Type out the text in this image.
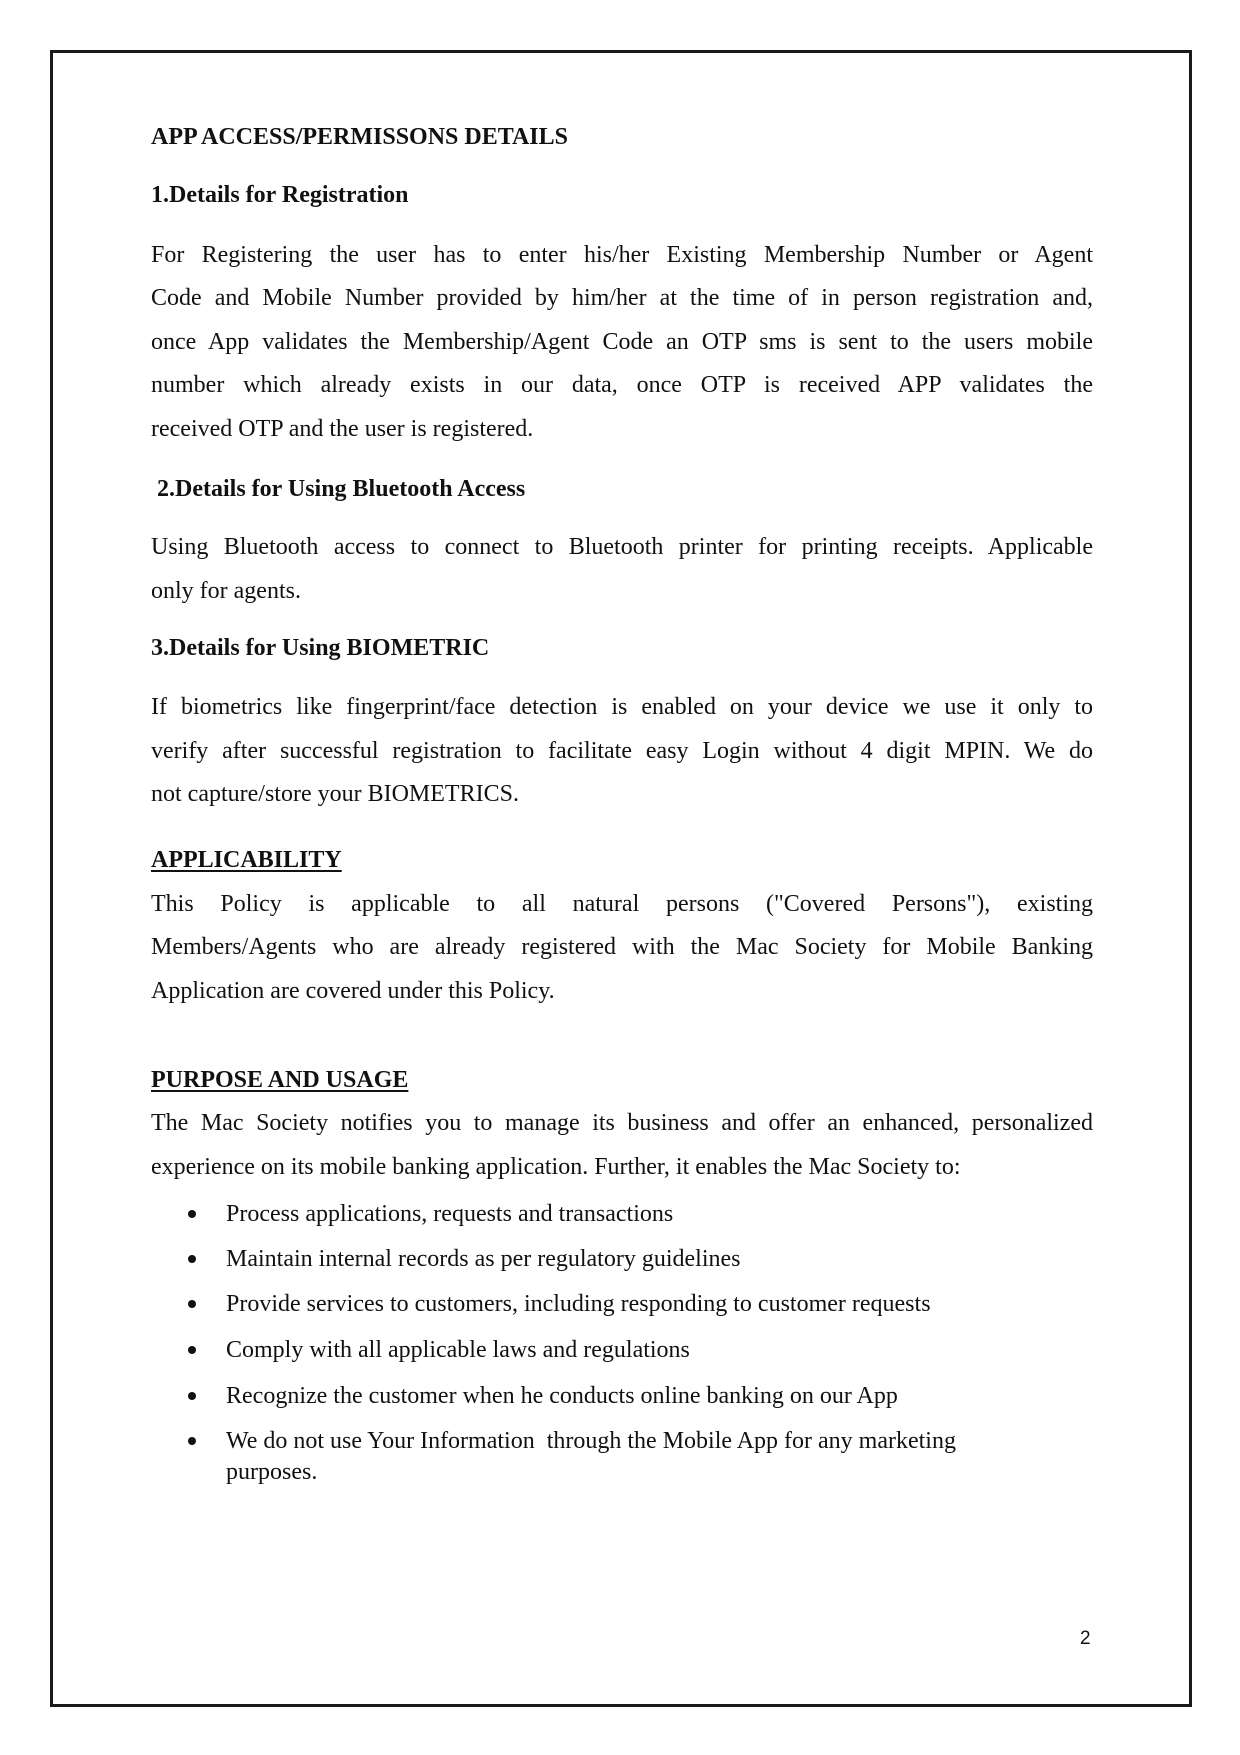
APP ACCESS/PERMISSONS DETAILS
1.Details for Registration
For Registering the user has to enter his/her Existing Membership Number or Agent
Code and Mobile Number provided by him/her at the time of in person registration and,
once App validates the Membership/Agent Code an OTP sms is sent to the users mobile
number which already exists in our data, once OTP is received APP validates the
received OTP and the user is registered.
2.Details for Using Bluetooth Access
Using Bluetooth access to connect to Bluetooth printer for printing receipts. Applicable
only for agents.
3.Details for Using BIOMETRIC
If biometrics like fingerprint/face detection is enabled on your device we use it only to
verify after successful registration to facilitate easy Login without 4 digit MPIN. We do
not capture/store your BIOMETRICS.
APPLICABILITY
This Policy is applicable to all natural persons ("Covered Persons"), existing
Members/Agents who are already registered with the Mac Society for Mobile Banking
Application are covered under this Policy.
PURPOSE AND USAGE
The Mac Society notifies you to manage its business and offer an enhanced, personalized
experience on its mobile banking application. Further, it enables the Mac Society to:
Process applications, requests and transactions
Maintain internal records as per regulatory guidelines
Provide services to customers, including responding to customer requests
Comply with all applicable laws and regulations
Recognize the customer when he conducts online banking on our App
We do not use Your Information  through the Mobile App for any marketing
purposes.
2
